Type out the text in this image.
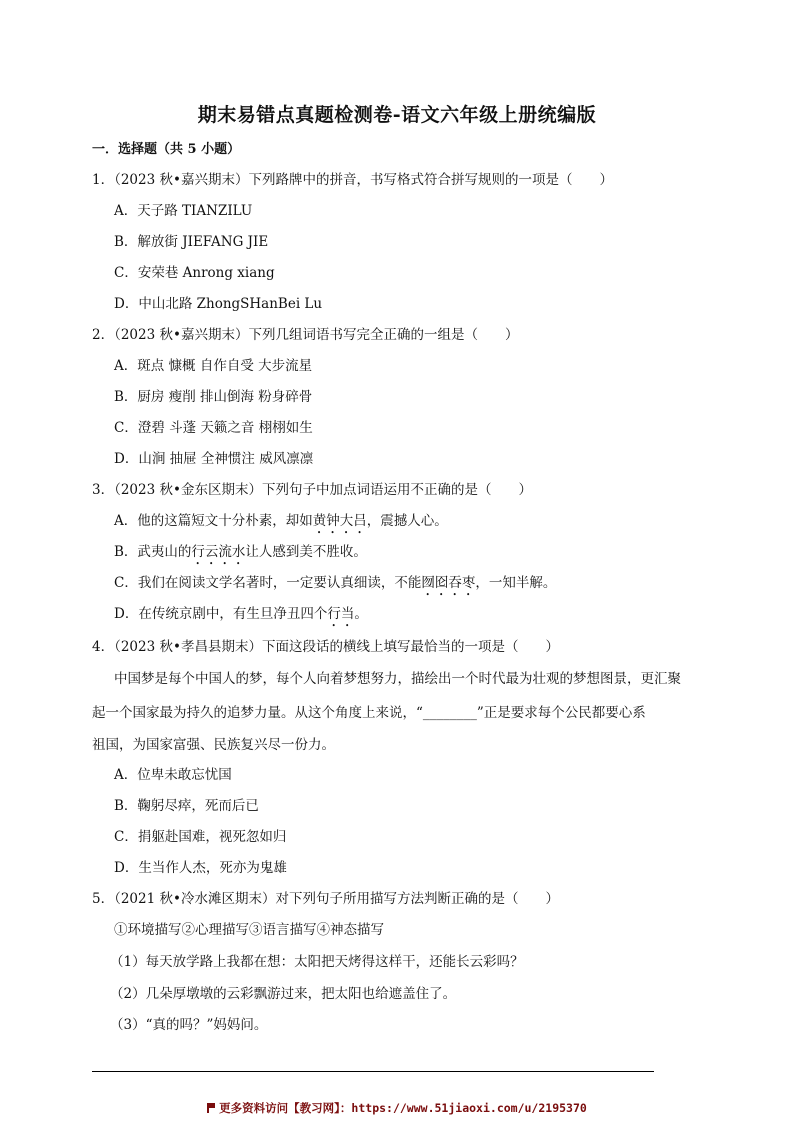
期末易错点真题检测卷-语文六年级上册统编版
一．选择题（共 5 小题）
1．（2023 秋•嘉兴期末）下列路牌中的拼音，书写格式符合拼写规则的一项是（　　）
A．天子路 TIANZILU
B．解放街 JIEFANG JIE
C．安荣巷 Anrong xiang
D．中山北路 ZhongSHanBei Lu
2．（2023 秋•嘉兴期末）下列几组词语书写完全正确的一组是（　　）
A．斑点 慷概 自作自受 大步流星
B．厨房 瘦削 排山倒海 粉身碎骨
C．澄碧 斗蓬 天籁之音 栩栩如生
D．山涧 抽屉 全神惯注 威风凛凛
3．（2023 秋•金东区期末）下列句子中加点词语运用不正确的是（　　）
A．他的这篇短文十分朴素，却如黄钟大吕，震撼人心。
B．武夷山的行云流水让人感到美不胜收。
C．我们在阅读文学名著时，一定要认真细读，不能囫囵吞枣，一知半解。
D．在传统京剧中，有生旦净丑四个行当。
4．（2023 秋•孝昌县期末）下面这段话的横线上填写最恰当的一项是（　　）
中国梦是每个中国人的梦，每个人向着梦想努力，描绘出一个时代最为壮观的梦想图景，更汇聚
起一个国家最为持久的追梦力量。从这个角度上来说，“________”正是要求每个公民都要心系
祖国，为国家富强、民族复兴尽一份力。
A．位卑未敢忘忧国
B．鞠躬尽瘁，死而后已
C．捐躯赴国难，视死忽如归
D．生当作人杰，死亦为鬼雄
5．（2021 秋•冷水滩区期末）对下列句子所用描写方法判断正确的是（　　）
①环境描写②心理描写③语言描写④神态描写
（1）每天放学路上我都在想：太阳把天烤得这样干，还能长云彩吗？
（2）几朵厚墩墩的云彩飘游过来，把太阳也给遮盖住了。
（3）“真的吗？”妈妈问。
更多资料访问【教习网】：https://www.51jiaoxi.com/u/2195370
